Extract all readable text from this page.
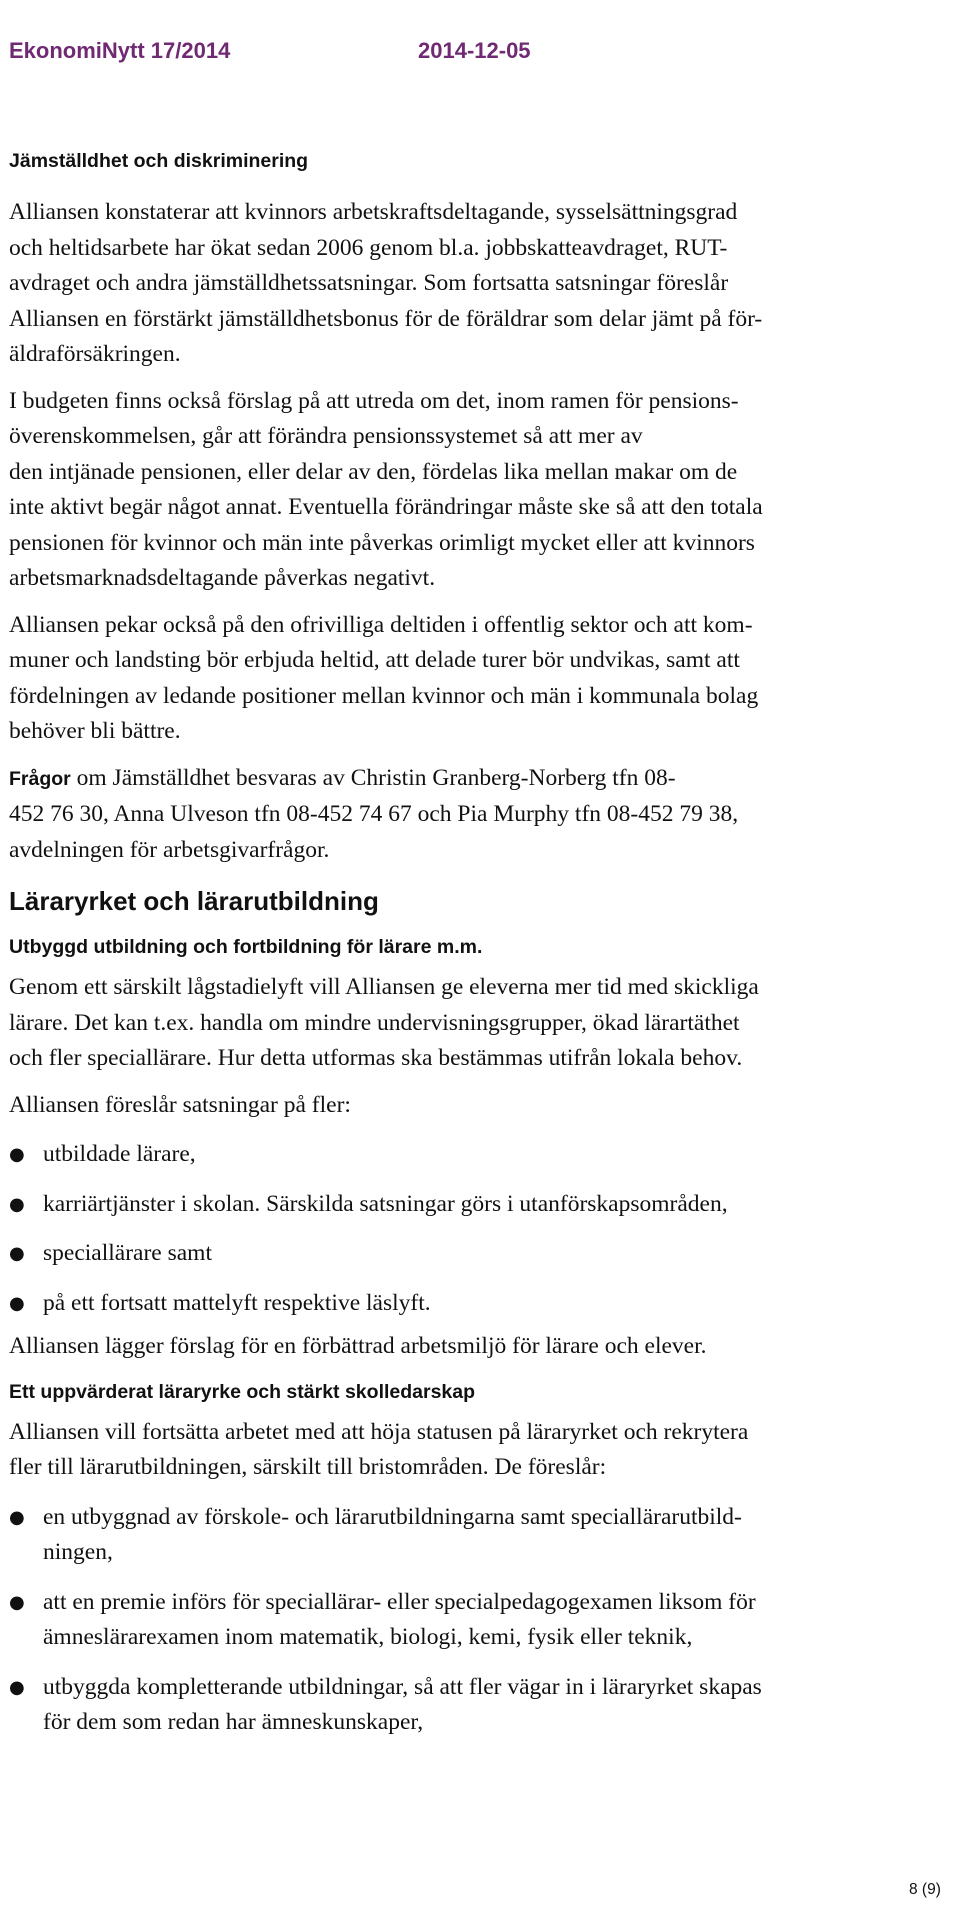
EkonomiNytt 17/2014	2014-12-05
Jämställdhet och diskriminering

Alliansen konstaterar att kvinnors arbetskraftsdeltagande, sysselsättningsgrad
och heltidsarbete har ökat sedan 2006 genom bl.a. jobbskatteavdraget, RUT-
avdraget och andra jämställdhetssatsningar. Som fortsatta satsningar föreslår
Alliansen en förstärkt jämställdhetsbonus för de föräldrar som delar jämt på för-
äldraförsäkringen.

I budgeten finns också förslag på att utreda om det, inom ramen för pensions-
överenskommelsen, går att förändra pensionssystemet så att mer av
den intjänade pensionen, eller delar av den, fördelas lika mellan makar om de
inte aktivt begär något annat. Eventuella förändringar måste ske så att den totala
pensionen för kvinnor och män inte påverkas orimligt mycket eller att kvinnors
arbetsmarknadsdeltagande påverkas negativt.

Alliansen pekar också på den ofrivilliga deltiden i offentlig sektor och att kom-
muner och landsting bör erbjuda heltid, att delade turer bör undvikas, samt att
fördelningen av ledande positioner mellan kvinnor och män i kommunala bolag
behöver bli bättre.

Frågor om Jämställdhet besvaras av Christin Granberg-Norberg tfn 08-
452 76 30, Anna Ulveson tfn 08-452 74 67 och Pia Murphy tfn 08-452 79 38,
avdelningen för arbetsgivarfrågor.

Läraryrket och lärarutbildning
Utbyggd utbildning och fortbildning för lärare m.m.

Genom ett särskilt lågstadielyft vill Alliansen ge eleverna mer tid med skickliga
lärare. Det kan t.ex. handla om mindre undervisningsgrupper, ökad lärartäthet
och fler speciallärare. Hur detta utformas ska bestämmas utifrån lokala behov.

Alliansen föreslår satsningar på fler:

● utbildade lärare,
● karriärtjänster i skolan. Särskilda satsningar görs i utanförskapsområden,
● speciallärare samt
● på ett fortsatt mattelyft respektive läslyft.

Alliansen lägger förslag för en förbättrad arbetsmiljö för lärare och elever.

Ett uppvärderat läraryrke och stärkt skolledarskap

Alliansen vill fortsätta arbetet med att höja statusen på läraryrket och rekrytera
fler till lärarutbildningen, särskilt till bristområden. De föreslår:

● en utbyggnad av förskole- och lärarutbildningarna samt speciallärarutbild-
ningen,
● att en premie införs för speciallärar- eller specialpedagogexamen liksom för
ämneslärarexamen inom matematik, biologi, kemi, fysik eller teknik,
● utbyggda kompletterande utbildningar, så att fler vägar in i läraryrket skapas
för dem som redan har ämneskunskaper,
8 (9)
